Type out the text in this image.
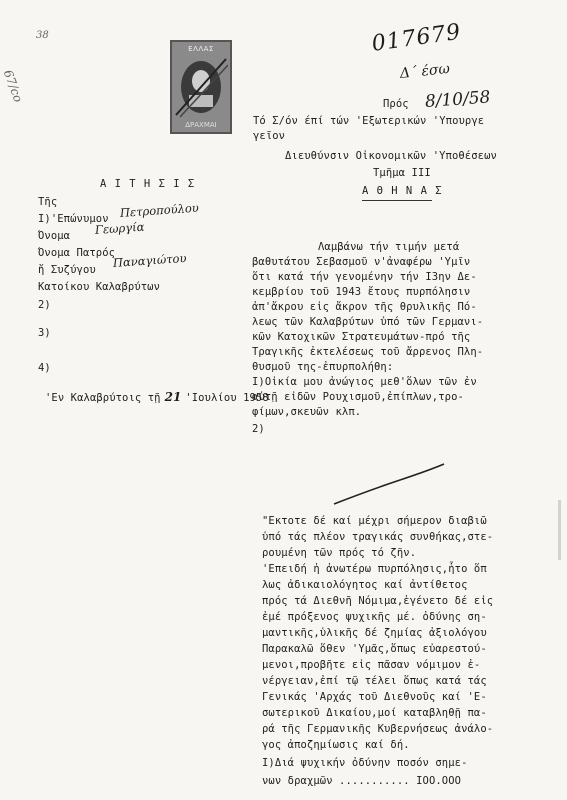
38
67/co
ΕΛΛΑΣ
ΔΡΑΧΜΑΙ
017679
Δ΄ έσω
8/10/58
Πρός
Τό Σ/όν έπί τών 'Εξωτερικών 'Υπουργε
γεῖον
Διευθύνσιν Οἰκονομικῶν 'Υποθέσεων
Τμῆμα III
Α Θ Η Ν Α Σ
Α Ι Τ Η Σ Ι Σ
Τῆς
Ι)'Επώνυμον Πετροπούλου
Όνομα Γεωργία
Όνομα Πατρός
ἤ Συζύγου
Παναγιώτου
Κατοίκου Καλαβρύτων
2)
3)
4)
'Εν Καλαβρύτοις τῇ 21 'Ιουλίου 1958
Λαμβάνω τήν τιμήν μετά
βαθυτάτου Σεβασμοῦ ν'ἀναφέρω 'Υμῖν
ὅτι κατά τήν γενομένην τήν Ι3ην Δε-
κεμβρίου τοῦ 1943 ἔτους πυρπόλησιν
ἀπ'ἄκρου εἰς ἄκρον τῆς θρυλικῆς Πό-
λεως τῶν Καλαβρύτων ὑπό τῶν Γερμανι-
κῶν Κατοχικῶν Στρατευμάτων-πρό τῆς
Τραγικῆς ἐκτελέσεως τοῦ ἄρρενος Πλη-
θυσμοῦ της-ἐπυρπολήθη:
Ι)Οἰκία μου ἀνώγιος μεθ'ὅλων τῶν ἐν
αὐτῇ εἰδῶν Ρουχισμοῦ,ἐπίπλων,τρο-
φίμων,σκευῶν κλπ.
2)
"Εκτοτε δέ καί μέχρι σήμερον διαβιῶ
ὑπό τάς πλέον τραγικάς συνθήκας,στε-
ρουμένη τῶν πρός τό ζῆν.
'Επειδή ἡ ἀνωτέρω πυρπόλησις,ἧτο ὅπ
λως ἀδικαιολόγητος καί ἀντίθετος
πρός τά Διεθνῆ Νόμιμα,ἐγένετο δέ εἰς
ἐμέ πρόξενος ψυχικῆς μέ. ὀδύνης ση-
μαντικῆς,ὑλικῆς δέ ζημίας ἀξιολόγου
Παρακαλῶ ὅθεν 'Υμᾶς,ὅπως εὐαρεστού-
μενοι,προβῆτε εἰς πᾶσαν νόμιμον ἐ-
νέργειαν,ἐπί τῷ τέλει ὅπως κατά τάς
Γενικάς 'Αρχάς τοῦ Διεθνοῦς καί 'Ε-
σωτερικοῦ Δικαίου,μοί καταβληθῇ πα-
ρά τῆς Γερμανικῆς Κυβερνήσεως ἀνάλο-
γος ἀποζημίωσις καί δή.
Ι)Διά ψυχικήν ὀδύνην ποσόν σημε-
νων δραχμῶν ........... ΙΟΟ.ΟΟΟ
